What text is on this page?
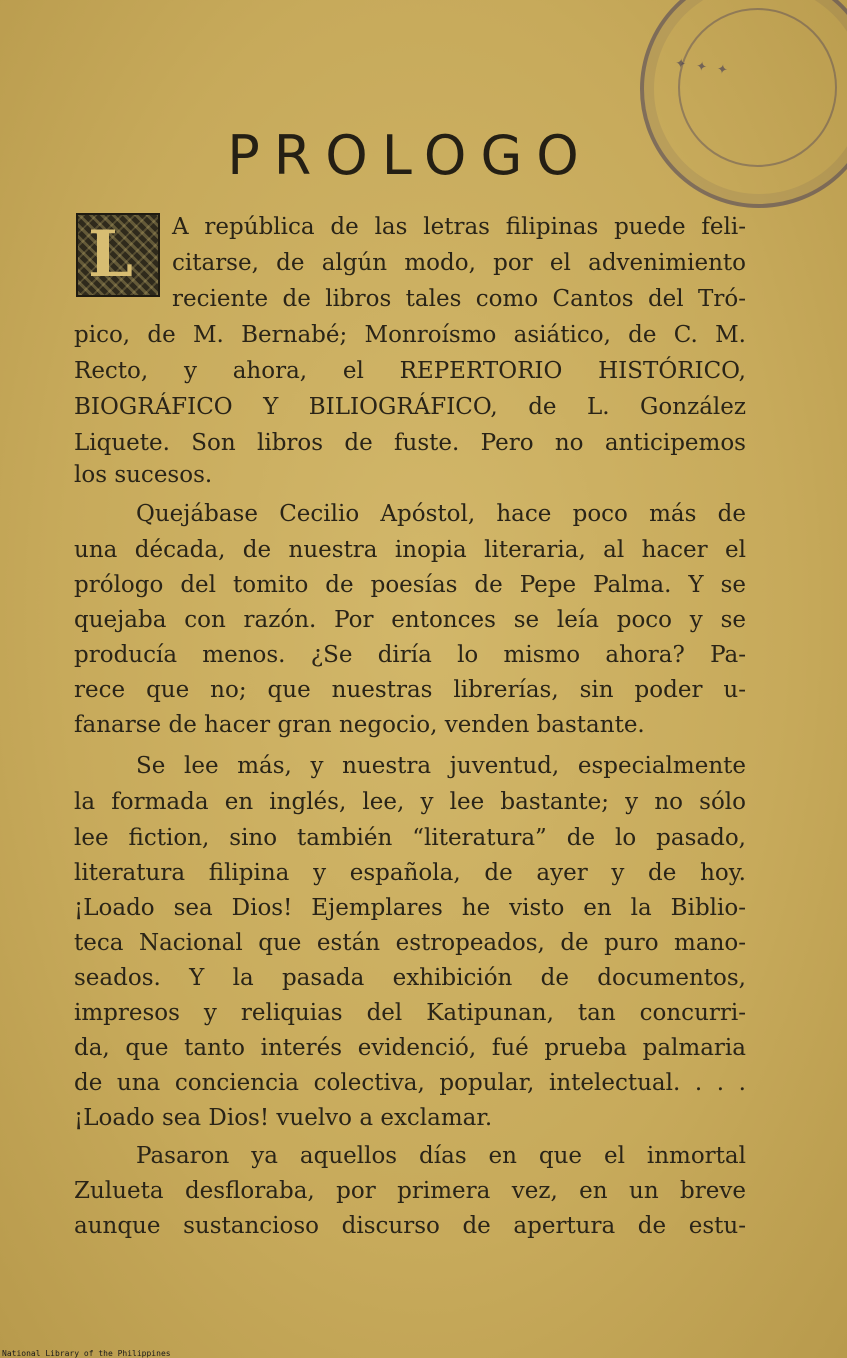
✦ ✦ ✦
PROLOGO
L A república de las letras filipinas puede feli-
citarse, de algún modo, por el advenimiento
reciente de libros tales como Cantos del Tró-
pico, de M. Bernabé; Monroísmo asiático, de C. M.
Recto, y ahora, el REPERTORIO HISTÓRICO,
BIOGRÁFICO Y BILIOGRÁFICO, de L. González
Liquete. Son libros de fuste. Pero no anticipemos
los sucesos.
Quejábase Cecilio Apóstol, hace poco más de
una década, de nuestra inopia literaria, al hacer el
prólogo del tomito de poesías de Pepe Palma. Y se
quejaba con razón. Por entonces se leía poco y se
producía menos. ¿Se diría lo mismo ahora? Pa-
rece que no; que nuestras librerías, sin poder u-
fanarse de hacer gran negocio, venden bastante.
Se lee más, y nuestra juventud, especialmente
la formada en inglés, lee, y lee bastante; y no sólo
lee fiction, sino también “literatura” de lo pasado,
literatura filipina y española, de ayer y de hoy.
¡Loado sea Dios! Ejemplares he visto en la Biblio-
teca Nacional que están estropeados, de puro mano-
seados. Y la pasada exhibición de documentos,
impresos y reliquias del Katipunan, tan concurri-
da, que tanto interés evidenció, fué prueba palmaria
de una conciencia colectiva, popular, intelectual. . . .
¡Loado sea Dios! vuelvo a exclamar.
Pasaron ya aquellos días en que el inmortal
Zulueta desfloraba, por primera vez, en un breve
aunque sustancioso discurso de apertura de estu-
National Library of the Philippines
